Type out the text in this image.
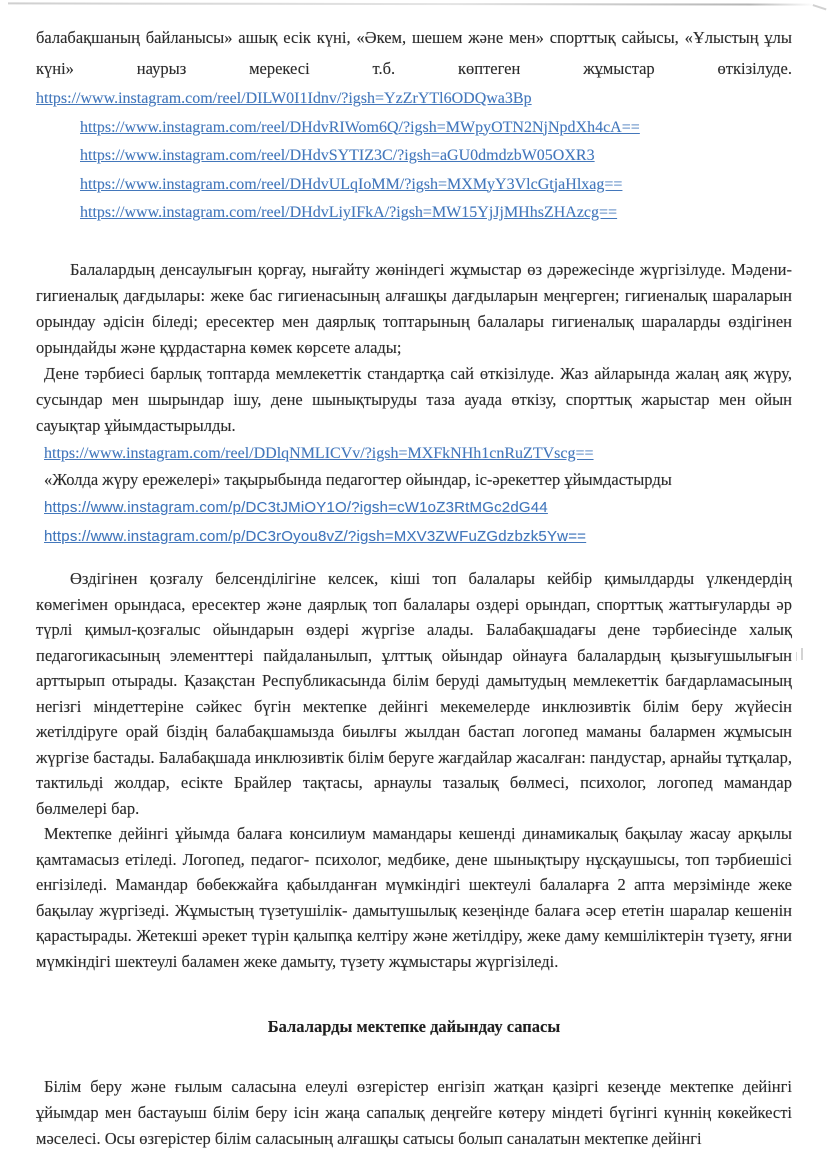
балабақшаның байланысы» ашық есік күні, «Әкем, шешем және мен» спорттық сайысы, «Ұлыстың ұлы
күні» наурыз мерекесі т.б. көптеген жұмыстар өткізілуде.
https://www.instagram.com/reel/DILW0I1Idnv/?igsh=YzZrYTl6ODQwa3Bp
https://www.instagram.com/reel/DHdvRIWom6Q/?igsh=MWpyOTN2NjNpdXh4cA==
https://www.instagram.com/reel/DHdvSYTIZ3C/?igsh=aGU0dmdzbW05OXR3
https://www.instagram.com/reel/DHdvULqIoMM/?igsh=MXMyY3VlcGtjaHlxag==
https://www.instagram.com/reel/DHdvLiyIFkA/?igsh=MW15YjJjMHhsZHAzcg==

Балалардың денсаулығын қорғау, нығайту жөніндегі жұмыстар өз дәрежесінде жүргізілуде. Мәдени- гигиеналық дағдылары: жеке бас гигиенасының алғашқы дағдыларын меңгерген; гигиеналық шараларын орындау әдісін біледі; ересектер мен даярлық топтарының балалары гигиеналық шараларды өздігінен орындайды және құрдастарна көмек көрсете алады;

Дене тәрбиесі барлық топтарда мемлекеттік стандартқа сай өткізілуде. Жаз айларында жалаң аяқ жүру, сусындар мен шырындар ішу, дене шынықтыруды таза ауада өткізу, спорттық жарыстар мен ойын сауықтар ұйымдастырылды.

https://www.instagram.com/reel/DDlqNMLICVv/?igsh=MXFkNHh1cnRuZTVscg==

«Жолда жүру ережелері» тақырыбында педагогтер ойындар, іс-әрекеттер ұйымдастырды

https://www.instagram.com/p/DC3tJMiOY1O/?igsh=cW1oZ3RtMGc2dG44
https://www.instagram.com/p/DC3rOyou8vZ/?igsh=MXV3ZWFuZGdzbzk5Yw==

Өздігінен қозғалу белсенділігіне келсек, кіші топ балалары кейбір қимылдарды үлкендердің көмегімен орындаса, ересектер және даярлық топ балалары оздері орындап, спорттық жаттығуларды әр түрлі қимыл-қозғалыс ойындарын өздері жүргізе алады. Балабақшадағы дене тәрбиесінде халық педагогикасының элементтері пайдаланылып, ұлттық ойындар ойнауға балалардың қызығушылығын арттырып отырады. Қазақстан Республикасында білім беруді дамытудың мемлекеттік бағдарламасының негізгі міндеттеріне сәйкес бүгін мектепке дейінгі мекемелерде инклюзивтік білім беру жүйесін жетілдіруге орай біздің балабақшамызда биылғы жылдан бастап логопед маманы балармен жұмысын жүргізе бастады. Балабақшада инклюзивтік білім беруге жағдайлар жасалған: пандустар, арнайы тұтқалар, тактильді жолдар, есікте Брайлер тақтасы, арнаулы тазалық бөлмесі, психолог, логопед мамандар бөлмелері бар.

Мектепке дейінгі ұйымда балаға консилиум мамандары кешенді динамикалық бақылау жасау арқылы қамтамасыз етіледі. Логопед, педагог- психолог, медбике, дене шынықтыру нұсқаушысы, топ тәрбиешісі енгізіледі. Мамандар бөбекжайға қабылданған мүмкіндігі шектеулі балаларға 2 апта мерзімінде жеке бақылау жүргізеді. Жұмыстың түзетушілік- дамытушылық кезеңінде балаға әсер ететін шаралар кешенін қарастырады. Жетекші әрекет түрін қалыпқа келтіру және жетілдіру, жеке даму кемшіліктерін түзету, яғни мүмкіндігі шектеулі баламен жеке дамыту, түзету жұмыстары жүргізіледі.

Балаларды мектепке дайындау сапасы

Білім беру және ғылым саласына елеулі өзгерістер енгізіп жатқан қазіргі кезеңде мектепке дейінгі ұйымдар мен бастауыш білім беру ісін жаңа сапалық деңгейге көтеру міндеті бүгінгі күннің көкейкесті мәселесі. Осы өзгерістер білім саласының алғашқы сатысы болып саналатын мектепке дейінгі
